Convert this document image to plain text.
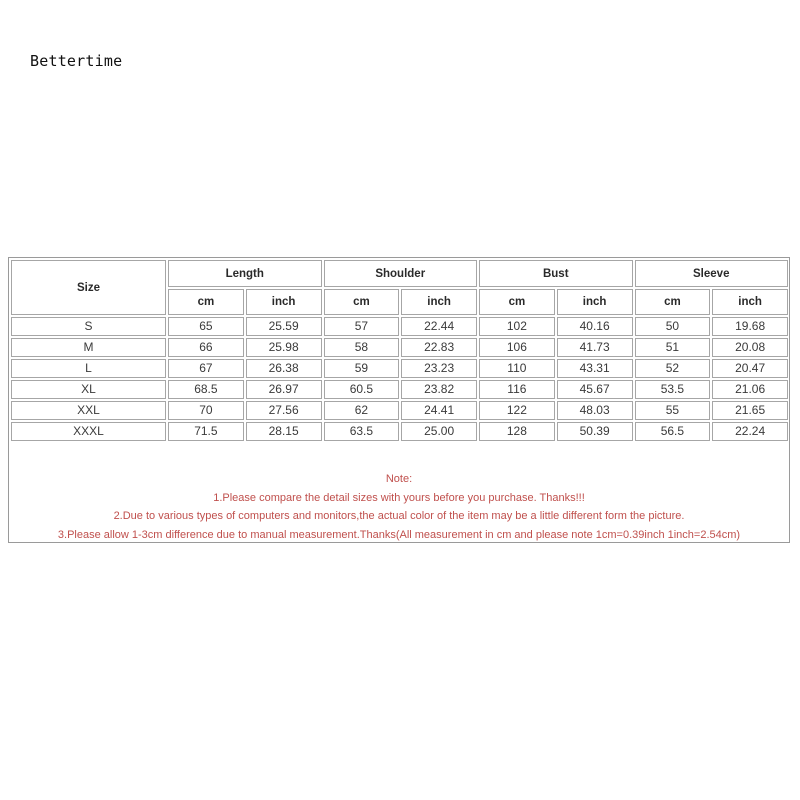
Bettertime
Size	Length		Shoulder		Bust		Sleeve	
	cm	inch	cm	inch	cm	inch	cm	inch
S	65	25.59	57	22.44	102	40.16	50	19.68
M	66	25.98	58	22.83	106	41.73	51	20.08
L	67	26.38	59	23.23	110	43.31	52	20.47
XL	68.5	26.97	60.5	23.82	116	45.67	53.5	21.06
XXL	70	27.56	62	24.41	122	48.03	55	21.65
XXXL	71.5	28.15	63.5	25.00	128	50.39	56.5	22.24
Note:
1.Please compare the detail sizes with yours before you purchase. Thanks!!!
2.Due to various types of computers and monitors,the actual color of the item may be a little different form the picture.
3.Please allow 1-3cm difference due to manual measurement.Thanks(All measurement in cm and please note 1cm=0.39inch 1inch=2.54cm)
